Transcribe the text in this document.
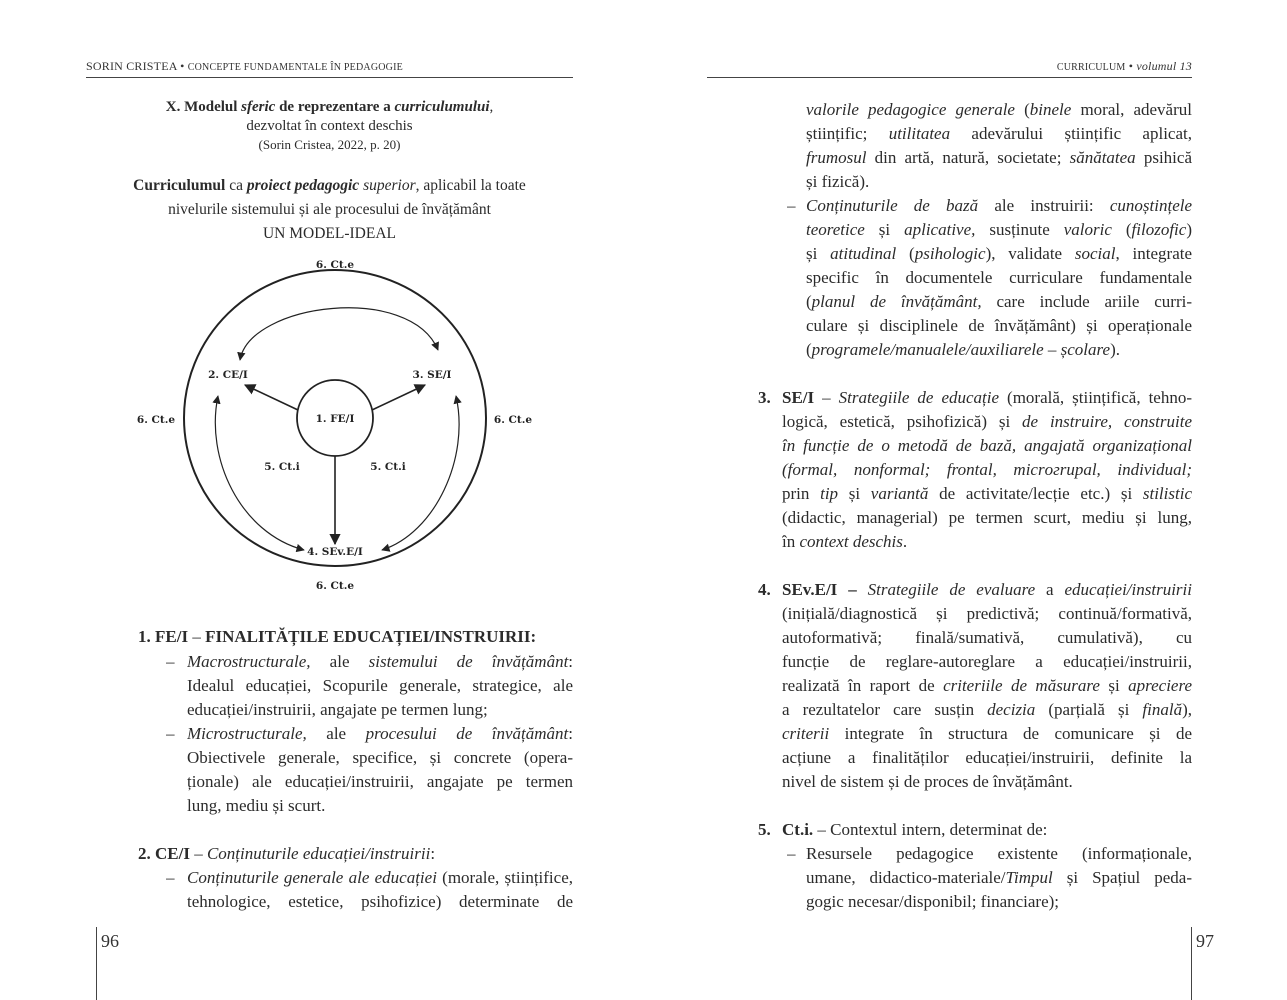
SORIN CRISTEA • CONCEPTE FUNDAMENTALE ÎN PEDAGOGIE	CURRICULUM • volumul 13
X. Modelul sferic de reprezentare a curriculumului,
dezvoltat în context deschis
(Sorin Cristea, 2022, p. 20)
Curriculumul ca proiect pedagogic superior, aplicabil la toate
nivelurile sistemului și ale procesului de învățământ
UN MODEL-IDEAL
1. FE/I
2. CE/I	3. SE/I
4. SEv.E/I
5. Ct.i	5. Ct.i
6. Ct.e
6. Ct.e
6. Ct.e	6. Ct.e
1. FE/I – FINALITĂȚILE EDUCAȚIEI/INSTRUIRII:
– Macrostructurale, ale sistemului de învățământ:
Idealul educației, Scopurile generale, strategice, ale
educației/instruirii, angajate pe termen lung;
– Microstructurale, ale procesului de învățământ:
Obiectivele generale, specifice, și concrete (opera-
ționale) ale educației/instruirii, angajate pe termen
lung, mediu și scurt.
2. CE/I – Conținuturile educației/instruirii:
– Conținuturile generale ale educației (morale, științifice,
tehnologice, estetice, psihofizice) determinate de
valorile pedagogice generale (binele moral, adevărul
științific; utilitatea adevărului științific aplicat,
frumosul din artă, natură, societate; sănătatea psihică
și fizică).
– Conținuturile de bază ale instruirii: cunoștințele
teoretice și aplicative, susținute valoric (filozofic)
și atitudinal (psihologic), validate social, integrate
specific în documentele curriculare fundamentale
(planul de învățământ, care include ariile curri-
culare și disciplinele de învățământ) și operaționale
(programele/manualele/auxiliarele – școlare).
3. SE/I – Strategiile de educație (morală, științifică, tehno-
logică, estetică, psihofizică) și de instruire, construite
în funcție de o metodă de bază, angajată organizațional
(formal, nonformal; frontal, micrогrupal, individual;
prin tip și variantă de activitate/lecție etc.) și stilistic
(didactic, managerial) pe termen scurt, mediu și lung,
în context deschis.
4. SEv.E/I – Strategiile de evaluare a educației/instruirii
(inițială/diagnostică și predictivă; continuă/formativă,
autoformativă; finală/sumativă, cumulativă), cu
funcție de reglare-autoreglare a educației/instruirii,
realizată în raport de criteriile de măsurare și apreciere
a rezultatelor care susțin decizia (parțială și finală),
criterii integrate în structura de comunicare și de
acțiune a finalităților educației/instruirii, definite la
nivel de sistem și de proces de învățământ.
5. Ct.i. – Contextul intern, determinat de:
– Resursele pedagogice existente (informaționale,
umane, didactico-materiale/Timpul și Spațiul peda-
gogic necesar/disponibil; financiare);
96	97
